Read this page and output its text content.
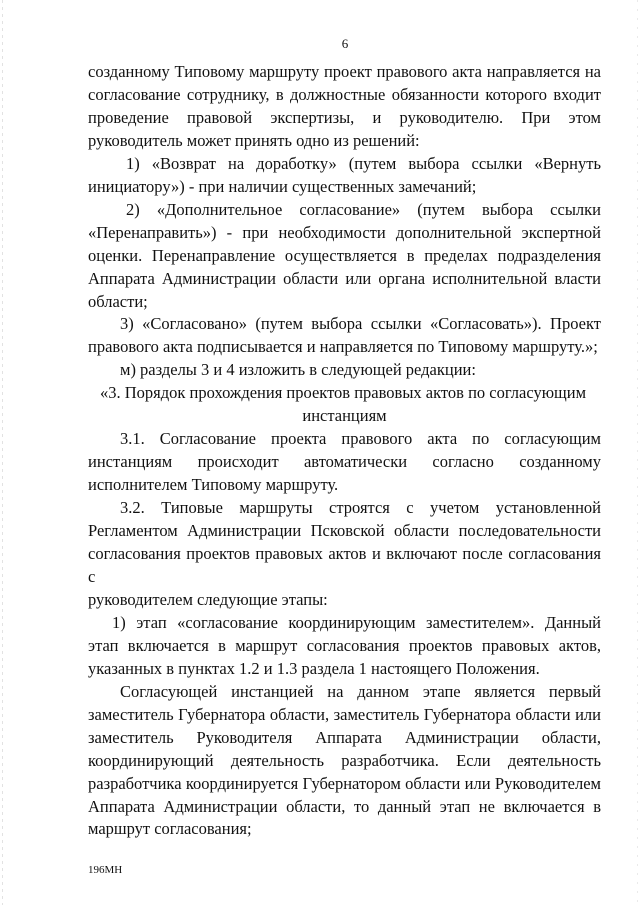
6

созданному Типовому маршруту проект правового акта направляется на

согласование сотруднику, в должностные обязанности которого входит

проведение правовой экспертизы, и руководителю. При этом

руководитель может принять одно из решений:

1) «Возврат на доработку» (путем выбора ссылки «Вернуть

инициатору») - при наличии существенных замечаний;

2) «Дополнительное согласование» (путем выбора ссылки

«Перенаправить») - при необходимости дополнительной экспертной

оценки. Перенаправление осуществляется в пределах подразделения

Аппарата Администрации области или органа исполнительной власти

области;

3) «Согласовано» (путем выбора ссылки «Согласовать»). Проект

правового акта подписывается и направляется по Типовому маршруту.»;

м) разделы 3 и 4 изложить в следующей редакции:

«3. Порядок прохождения проектов правовых актов по согласующим

инстанциям

3.1. Согласование проекта правового акта по согласующим

инстанциям происходит автоматически согласно созданному

исполнителем Типовому маршруту.

3.2. Типовые маршруты строятся с учетом установленной

Регламентом Администрации Псковской области последовательности

согласования проектов правовых актов и включают после согласования с

руководителем следующие этапы:

1) этап «согласование координирующим заместителем». Данный

этап включается в маршрут согласования проектов правовых актов,

указанных в пунктах 1.2 и 1.3 раздела 1 настоящего Положения.

Согласующей инстанцией на данном этапе является первый

заместитель Губернатора области, заместитель Губернатора области или

заместитель Руководителя Аппарата Администрации области,

координирующий деятельность разработчика. Если деятельность

разработчика координируется Губернатором области или Руководителем

Аппарата Администрации области, то данный этап не включается в

маршрут согласования;

196МН
